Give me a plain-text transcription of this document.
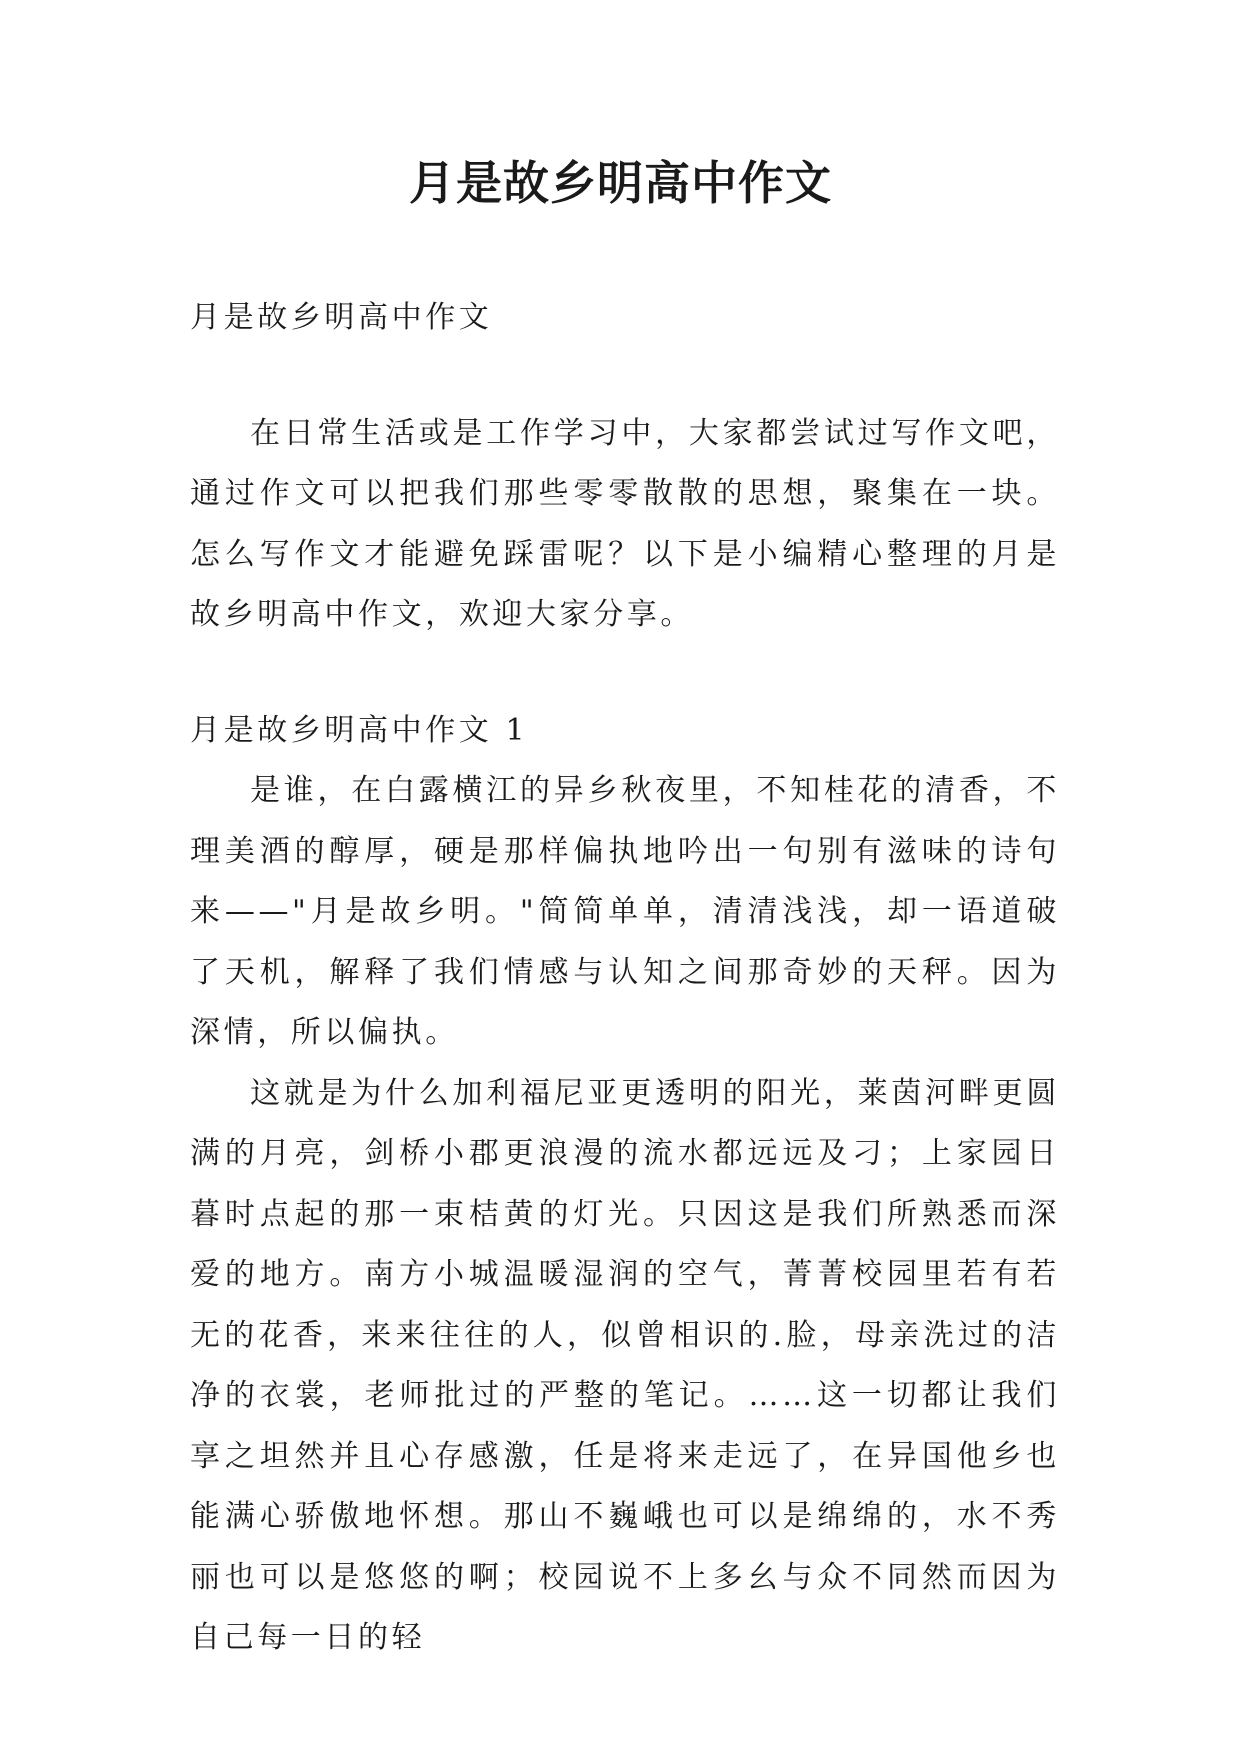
月是故乡明高中作文

月是故乡明高中作文

在日常生活或是工作学习中，大家都尝试过写作文吧，通过作文可以把我们那些零零散散的思想，聚集在一块。怎么写作文才能避免踩雷呢？以下是小编精心整理的月是故乡明高中作文，欢迎大家分享。

月是故乡明高中作文 1

是谁，在白露横江的异乡秋夜里，不知桂花的清香，不理美酒的醇厚，硬是那样偏执地吟出一句别有滋味的诗句来——"月是故乡明。"简简单单，清清浅浅，却一语道破了天机，解释了我们情感与认知之间那奇妙的天秤。因为深情，所以偏执。

这就是为什么加利福尼亚更透明的阳光，莱茵河畔更圆满的月亮，剑桥小郡更浪漫的流水都远远及刁；上家园日暮时点起的那一束桔黄的灯光。只因这是我们所熟悉而深爱的地方。南方小城温暖湿润的空气，菁菁校园里若有若无的花香，来来往往的人，似曾相识的.脸，母亲洗过的洁净的衣裳，老师批过的严整的笔记。……这一切都让我们享之坦然并且心存感激，任是将来走远了，在异国他乡也能满心骄傲地怀想。那山不巍峨也可以是绵绵的，水不秀丽也可以是悠悠的啊；校园说不上多幺与众不同然而因为自己每一日的轻
